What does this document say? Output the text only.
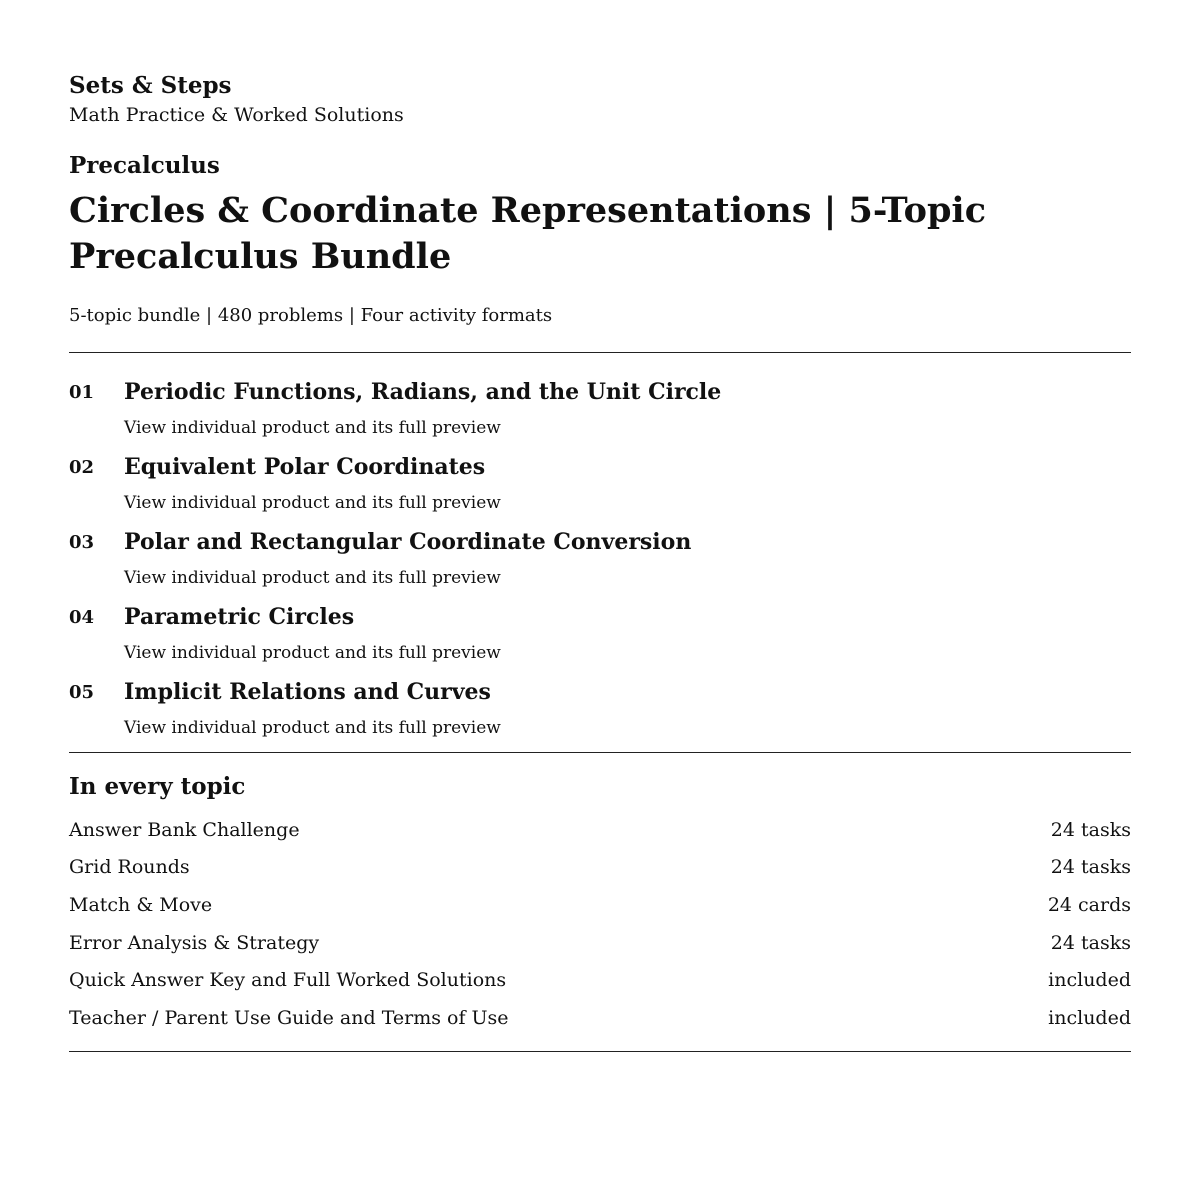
Sets & Steps

Math Practice & Worked Solutions

Precalculus

Circles & Coordinate Representations | 5-Topic Precalculus Bundle

5-topic bundle | 480 problems | Four activity formats

01	Periodic Functions, Radians, and the Unit Circle
View individual product and its full preview
02	Equivalent Polar Coordinates
View individual product and its full preview
03	Polar and Rectangular Coordinate Conversion
View individual product and its full preview
04	Parametric Circles
View individual product and its full preview
05	Implicit Relations and Curves
View individual product and its full preview
In every topic
Answer Bank Challenge	24 tasks
Grid Rounds	24 tasks
Match & Move	24 cards
Error Analysis & Strategy	24 tasks
Quick Answer Key and Full Worked Solutions	included
Teacher / Parent Use Guide and Terms of Use	included
